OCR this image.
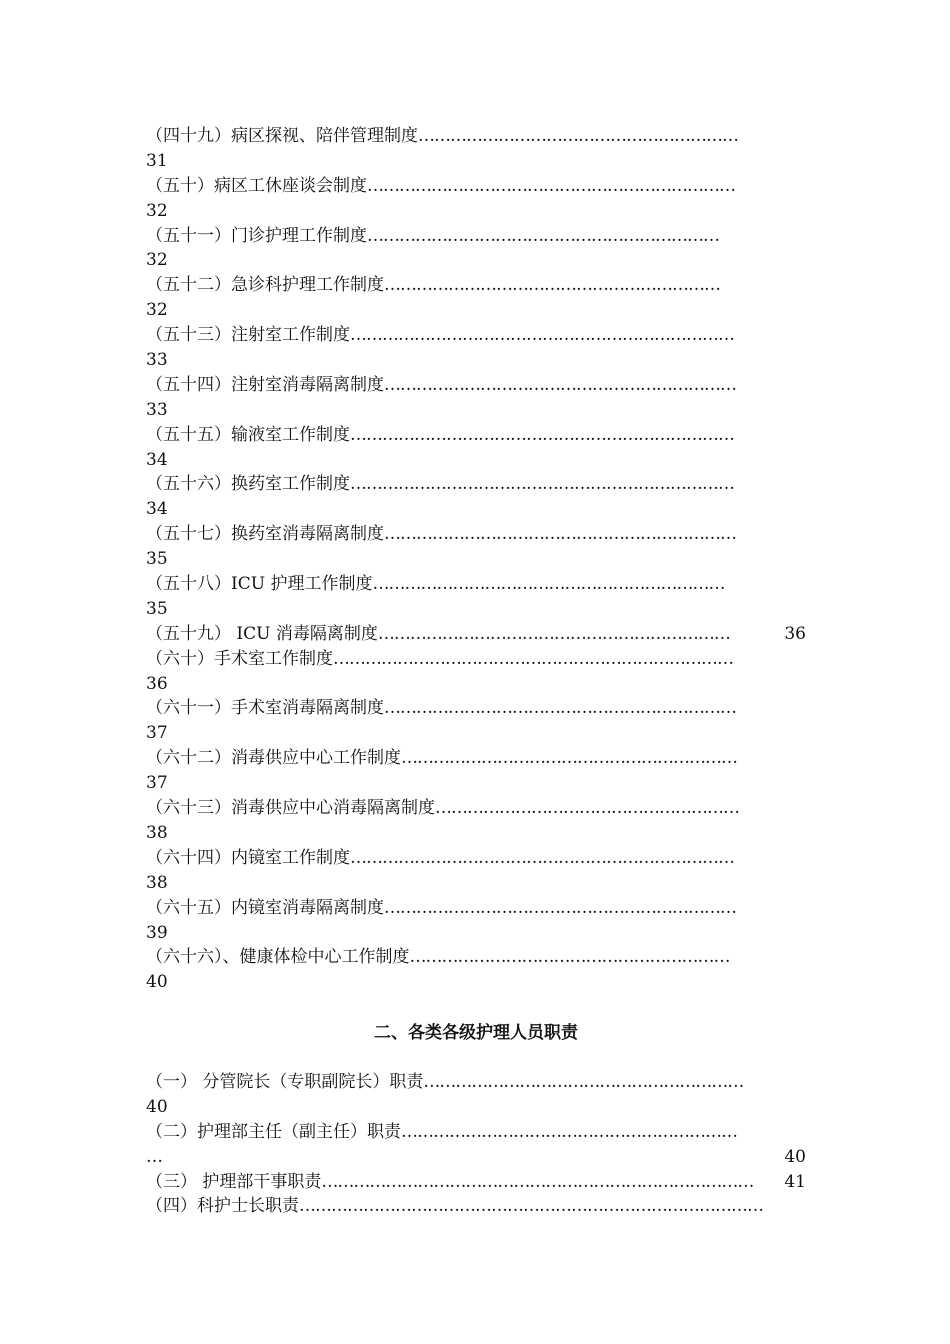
（四十九）病区探视、陪伴管理制度……………………………………………………
31
（五十）病区工休座谈会制度……………………………………………………………
32
（五十一）门诊护理工作制度…………………………………………………………
32
（五十二）急诊科护理工作制度………………………………………………………
32
（五十三）注射室工作制度………………………………………………………………
33
（五十四）注射室消毒隔离制度…………………………………………………………
33
（五十五）输液室工作制度………………………………………………………………
34
（五十六）换药室工作制度………………………………………………………………
34
（五十七）换药室消毒隔离制度…………………………………………………………
35
（五十八）ICU 护理工作制度…………………………………………………………
35
（五十九） ICU 消毒隔离制度…………………………………………………………	36
（六十）手术室工作制度…………………………………………………………………
36
（六十一）手术室消毒隔离制度…………………………………………………………
37
（六十二）消毒供应中心工作制度………………………………………………………
37
（六十三）消毒供应中心消毒隔离制度…………………………………………………
38
（六十四）内镜室工作制度………………………………………………………………
38
（六十五）内镜室消毒隔离制度…………………………………………………………
39
（六十六）、健康体检中心工作制度……………………………………………………
40
二、各类各级护理人员职责
（一） 分管院长（专职副院长）职责……………………………………………………
40
（二）护理部主任（副主任）职责………………………………………………………
…	40
（三） 护理部干事职责……………………………………………………………………… 41
（四）科护士长职责……………………………………………………………………………
